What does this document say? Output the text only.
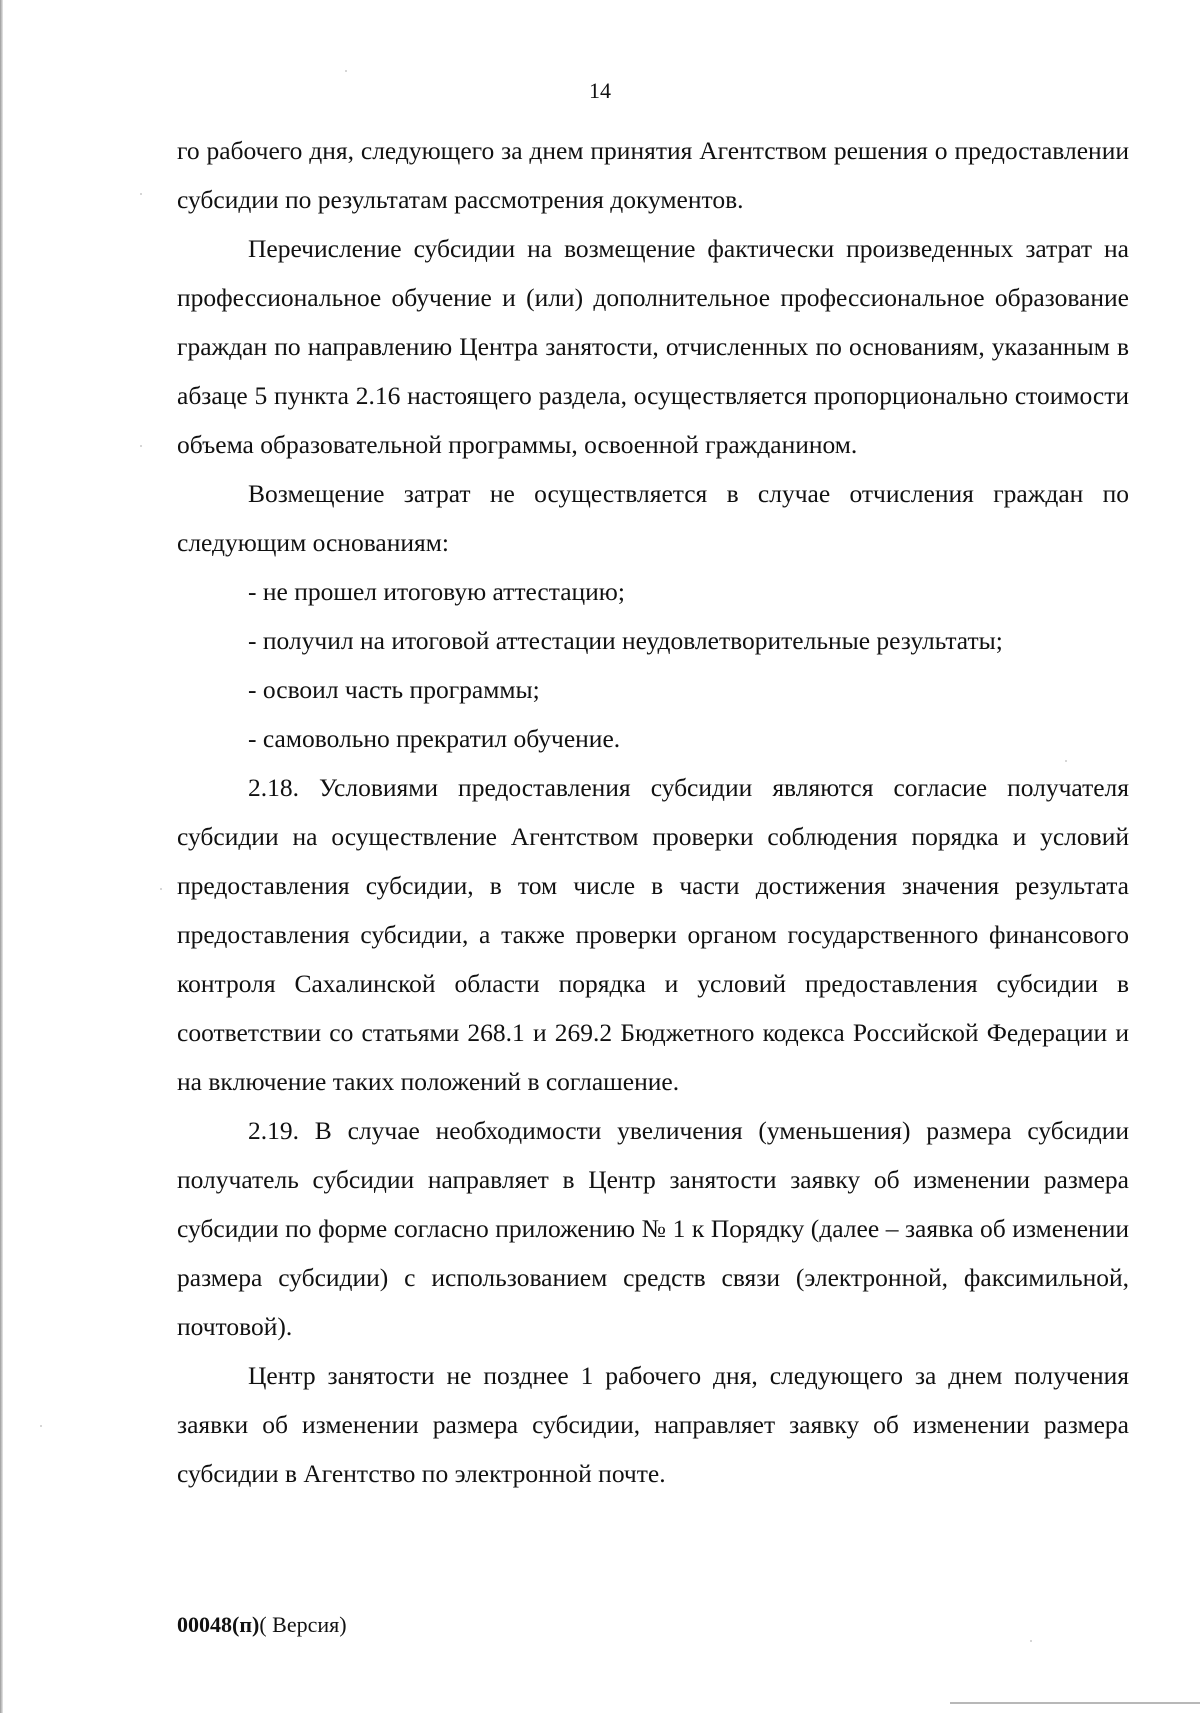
14

го рабочего дня, следующего за днем принятия Агентством решения о предоставлении субсидии по результатам рассмотрения документов.

Перечисление субсидии на возмещение фактически произведенных затрат на профессиональное обучение и (или) дополнительное профессиональное образование граждан по направлению Центра занятости, отчисленных по основаниям, указанным в абзаце 5 пункта 2.16 настоящего раздела, осуществляется пропорционально стоимости объема образовательной программы, освоенной гражданином.

Возмещение затрат не осуществляется в случае отчисления граждан по следующим основаниям:

- не прошел итоговую аттестацию;

- получил на итоговой аттестации неудовлетворительные результаты;

- освоил часть программы;

- самовольно прекратил обучение.

2.18. Условиями предоставления субсидии являются согласие получателя субсидии на осуществление Агентством проверки соблюдения порядка и условий предоставления субсидии, в том числе в части достижения значения результата предоставления субсидии, а также проверки органом государственного финансового контроля Сахалинской области порядка и условий предоставления субсидии в соответствии со статьями 268.1 и 269.2 Бюджетного кодекса Российской Федерации и на включение таких положений в соглашение.

2.19. В случае необходимости увеличения (уменьшения) размера субсидии получатель субсидии направляет в Центр занятости заявку об изменении размера субсидии по форме согласно приложению № 1 к Порядку (далее – заявка об изменении размера субсидии) с использованием средств связи (электронной, факсимильной, почтовой).

Центр занятости не позднее 1 рабочего дня, следующего за днем получения заявки об изменении размера субсидии, направляет заявку об изменении размера субсидии в Агентство по электронной почте.

00048(п)( Версия)
